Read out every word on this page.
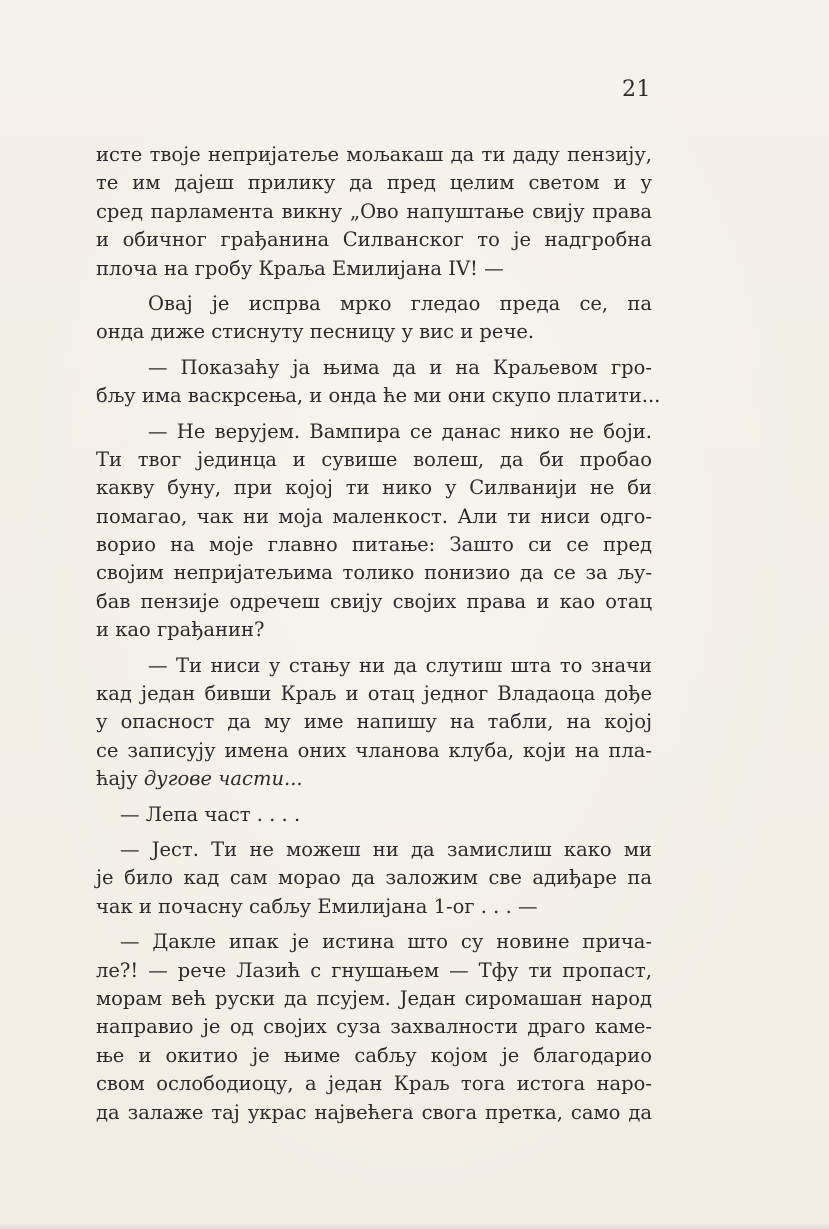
21

исте твоје непријатеље мољакаш да ти даду пензију,
те им дајеш прилику да пред целим светом и у
сред парламента викну „Ово напуштање свију права
и обичног грађанина Силванског то је надгробна
плоча на гробу Краља Емилијана IV! —

Овај је испрва мрко гледао преда се, па
онда диже стиснуту песницу у вис и рече.

— Показаћу ја њима да и на Краљевом гро-
бљу има васкрсења, и онда ће ми они скупо платити...

— Не верујем. Вампира се данас нико не боји.
Ти твог јединца и сувише волеш, да би пробао
какву буну, при којој ти нико у Силванији не би
помагао, чак ни моја маленкост. Али ти ниси одго-
ворио на моје главно питање: Зашто си се пред
својим непријатељима толико понизио да се за љу-
бав пензије одречеш свију својих права и као отац
и као грађанин?

— Ти ниси у стању ни да слутиш шта то значи
кад један бивши Краљ и отац једног Владаоца дође
у опасност да му име напишу на табли, на којој
се записују имена оних чланова клуба, који на пла-
ћају дугове части...

— Лепа част . . . .

— Јест. Ти не можеш ни да замислиш како ми
је било кад сам морао да заложим све адиђаре па
чак и почасну сабљу Емилијана 1-ог . . . —

— Дакле ипак је истина што су новине прича-
ле?! — рече Лазић с гнушањем — Тфу ти пропаст,
морам већ руски да псујем. Један сиромашан народ
направио је од својих суза захвалности драго каме-
ње и окитио је њиме сабљу којом је благодарио
свом ослободиоцу, а један Краљ тога истога наро-
да залаже тај украс највећега свога претка, само да
